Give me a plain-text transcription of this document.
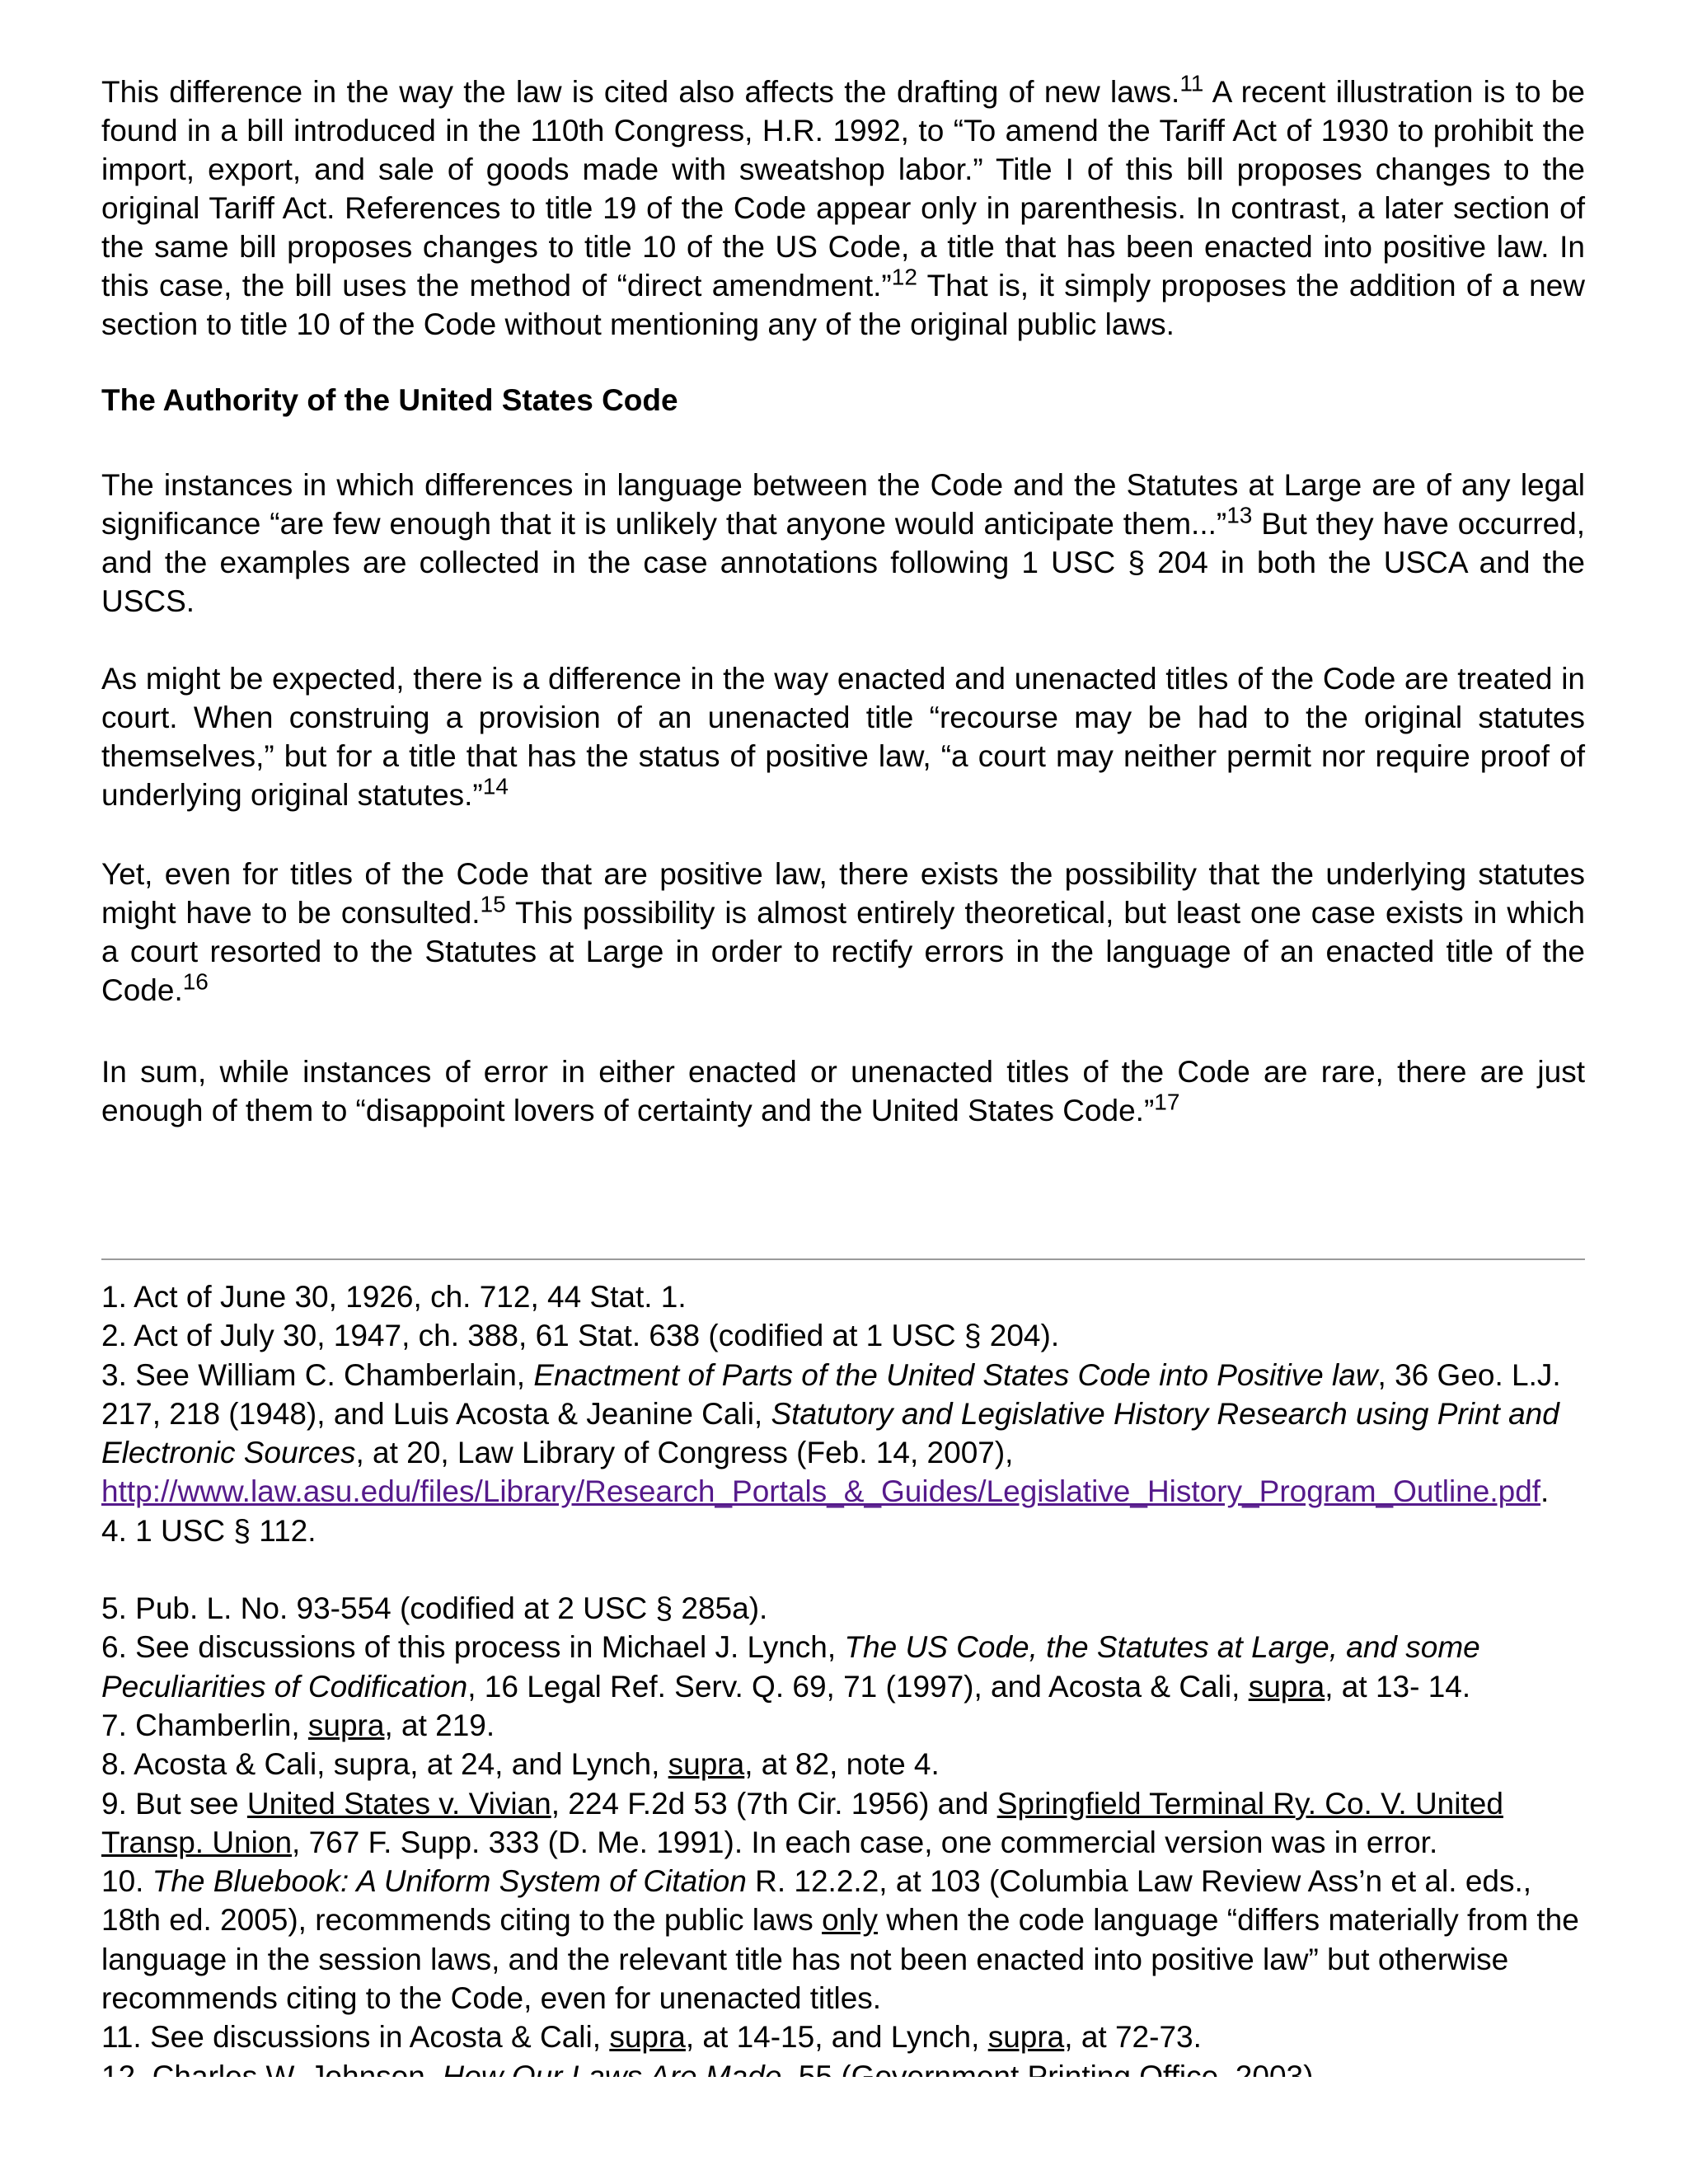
This difference in the way the law is cited also affects the drafting of new laws.$^{11}$ A recent illustration is to be found in a bill introduced in the 110th Congress, H.R. 1992, to “To amend the Tariff Act of 1930 to prohibit the import, export, and sale of goods made with sweatshop labor.” Title I of this bill proposes changes to the original Tariff Act. References to title 19 of the Code appear only in parenthesis. In contrast, a later section of the same bill proposes changes to title 10 of the US Code, a title that has been enacted into positive law. In this case, the bill uses the method of “direct amendment.”$^{12}$ That is, it simply proposes the addition of a new section to title 10 of the Code without mentioning any of the original public laws.

The Authority of the United States Code

The instances in which differences in language between the Code and the Statutes at Large are of any legal significance “are few enough that it is unlikely that anyone would anticipate them...”$^{13}$ But they have occurred, and the examples are collected in the case annotations following 1 USC § 204 in both the USCA and the USCS.

As might be expected, there is a difference in the way enacted and unenacted titles of the Code are treated in court. When construing a provision of an unenacted title “recourse may be had to the original statutes themselves,” but for a title that has the status of positive law, “a court may neither permit nor require proof of underlying original statutes.”$^{14}$

Yet, even for titles of the Code that are positive law, there exists the possibility that the underlying statutes might have to be consulted.$^{15}$ This possibility is almost entirely theoretical, but least one case exists in which a court resorted to the Statutes at Large in order to rectify errors in the language of an enacted title of the Code.$^{16}$

In sum, while instances of error in either enacted or unenacted titles of the Code are rare, there are just enough of them to “disappoint lovers of certainty and the United States Code.”$^{17}$

1. Act of June 30, 1926, ch. 712, 44 Stat. 1.
2. Act of July 30, 1947, ch. 388, 61 Stat. 638 (codified at 1 USC § 204).
3. See William C. Chamberlain, Enactment of Parts of the United States Code into Positive law, 36 Geo. L.J. 217, 218 (1948), and Luis Acosta & Jeanine Cali, Statutory and Legislative History Research using Print and Electronic Sources, at 20, Law Library of Congress (Feb. 14, 2007), http://www.law.asu.edu/files/Library/Research_Portals_&_Guides/Legislative_History_Program_Outline.pdf.
4. 1 USC § 112.
5. Pub. L. No. 93-554 (codified at 2 USC § 285a).
6. See discussions of this process in Michael J. Lynch, The US Code, the Statutes at Large, and some Peculiarities of Codification, 16 Legal Ref. Serv. Q. 69, 71 (1997), and Acosta & Cali, supra, at 13- 14.
7. Chamberlin, supra, at 219.
8. Acosta & Cali, supra, at 24, and Lynch, supra, at 82, note 4.
9. But see United States v. Vivian, 224 F.2d 53 (7th Cir. 1956) and Springfield Terminal Ry. Co. V. United Transp. Union, 767 F. Supp. 333 (D. Me. 1991). In each case, one commercial version was in error.
10. The Bluebook: A Uniform System of Citation R. 12.2.2, at 103 (Columbia Law Review Ass’n et al. eds., 18th ed. 2005), recommends citing to the public laws only when the code language “differs materially from the language in the session laws, and the relevant title has not been enacted into positive law” but otherwise recommends citing to the Code, even for unenacted titles.
11. See discussions in Acosta & Cali, supra, at 14-15, and Lynch, supra, at 72-73.
